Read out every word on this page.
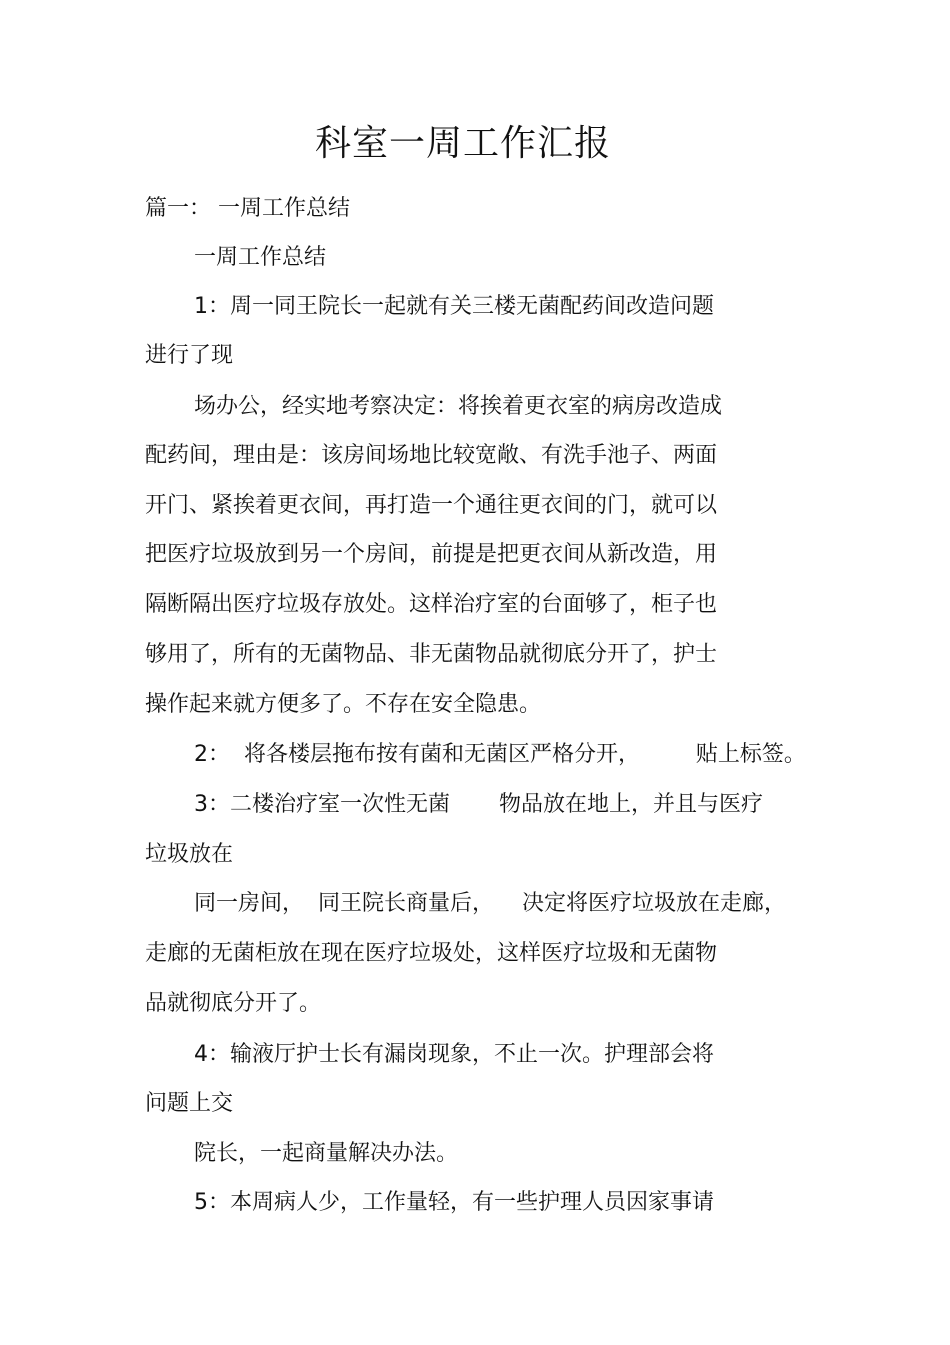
科室一周工作汇报

篇一： 一周工作总结

一周工作总结

1：周一同王院长一起就有关三楼无菌配药间改造问题

进行了现

场办公，经实地考察决定：将挨着更衣室的病房改造成

配药间，理由是：该房间场地比较宽敞、有洗手池子、两面

开门、紧挨着更衣间，再打造一个通往更衣间的门，就可以

把医疗垃圾放到另一个房间，前提是把更衣间从新改造，用

隔断隔出医疗垃圾存放处。这样治疗室的台面够了，柜子也

够用了，所有的无菌物品、非无菌物品就彻底分开了，护士

操作起来就方便多了。不存在安全隐患。

2：  将各楼层拖布按有菌和无菌区严格分开，        贴上标签。

3：二楼治疗室一次性无菌       物品放在地上，并且与医疗

垃圾放在

同一房间，  同王院长商量后，    决定将医疗垃圾放在走廊，

走廊的无菌柜放在现在医疗垃圾处，这样医疗垃圾和无菌物

品就彻底分开了。

4：输液厅护士长有漏岗现象，不止一次。护理部会将

问题上交

院长，一起商量解决办法。

5：本周病人少，工作量轻，有一些护理人员因家事请
